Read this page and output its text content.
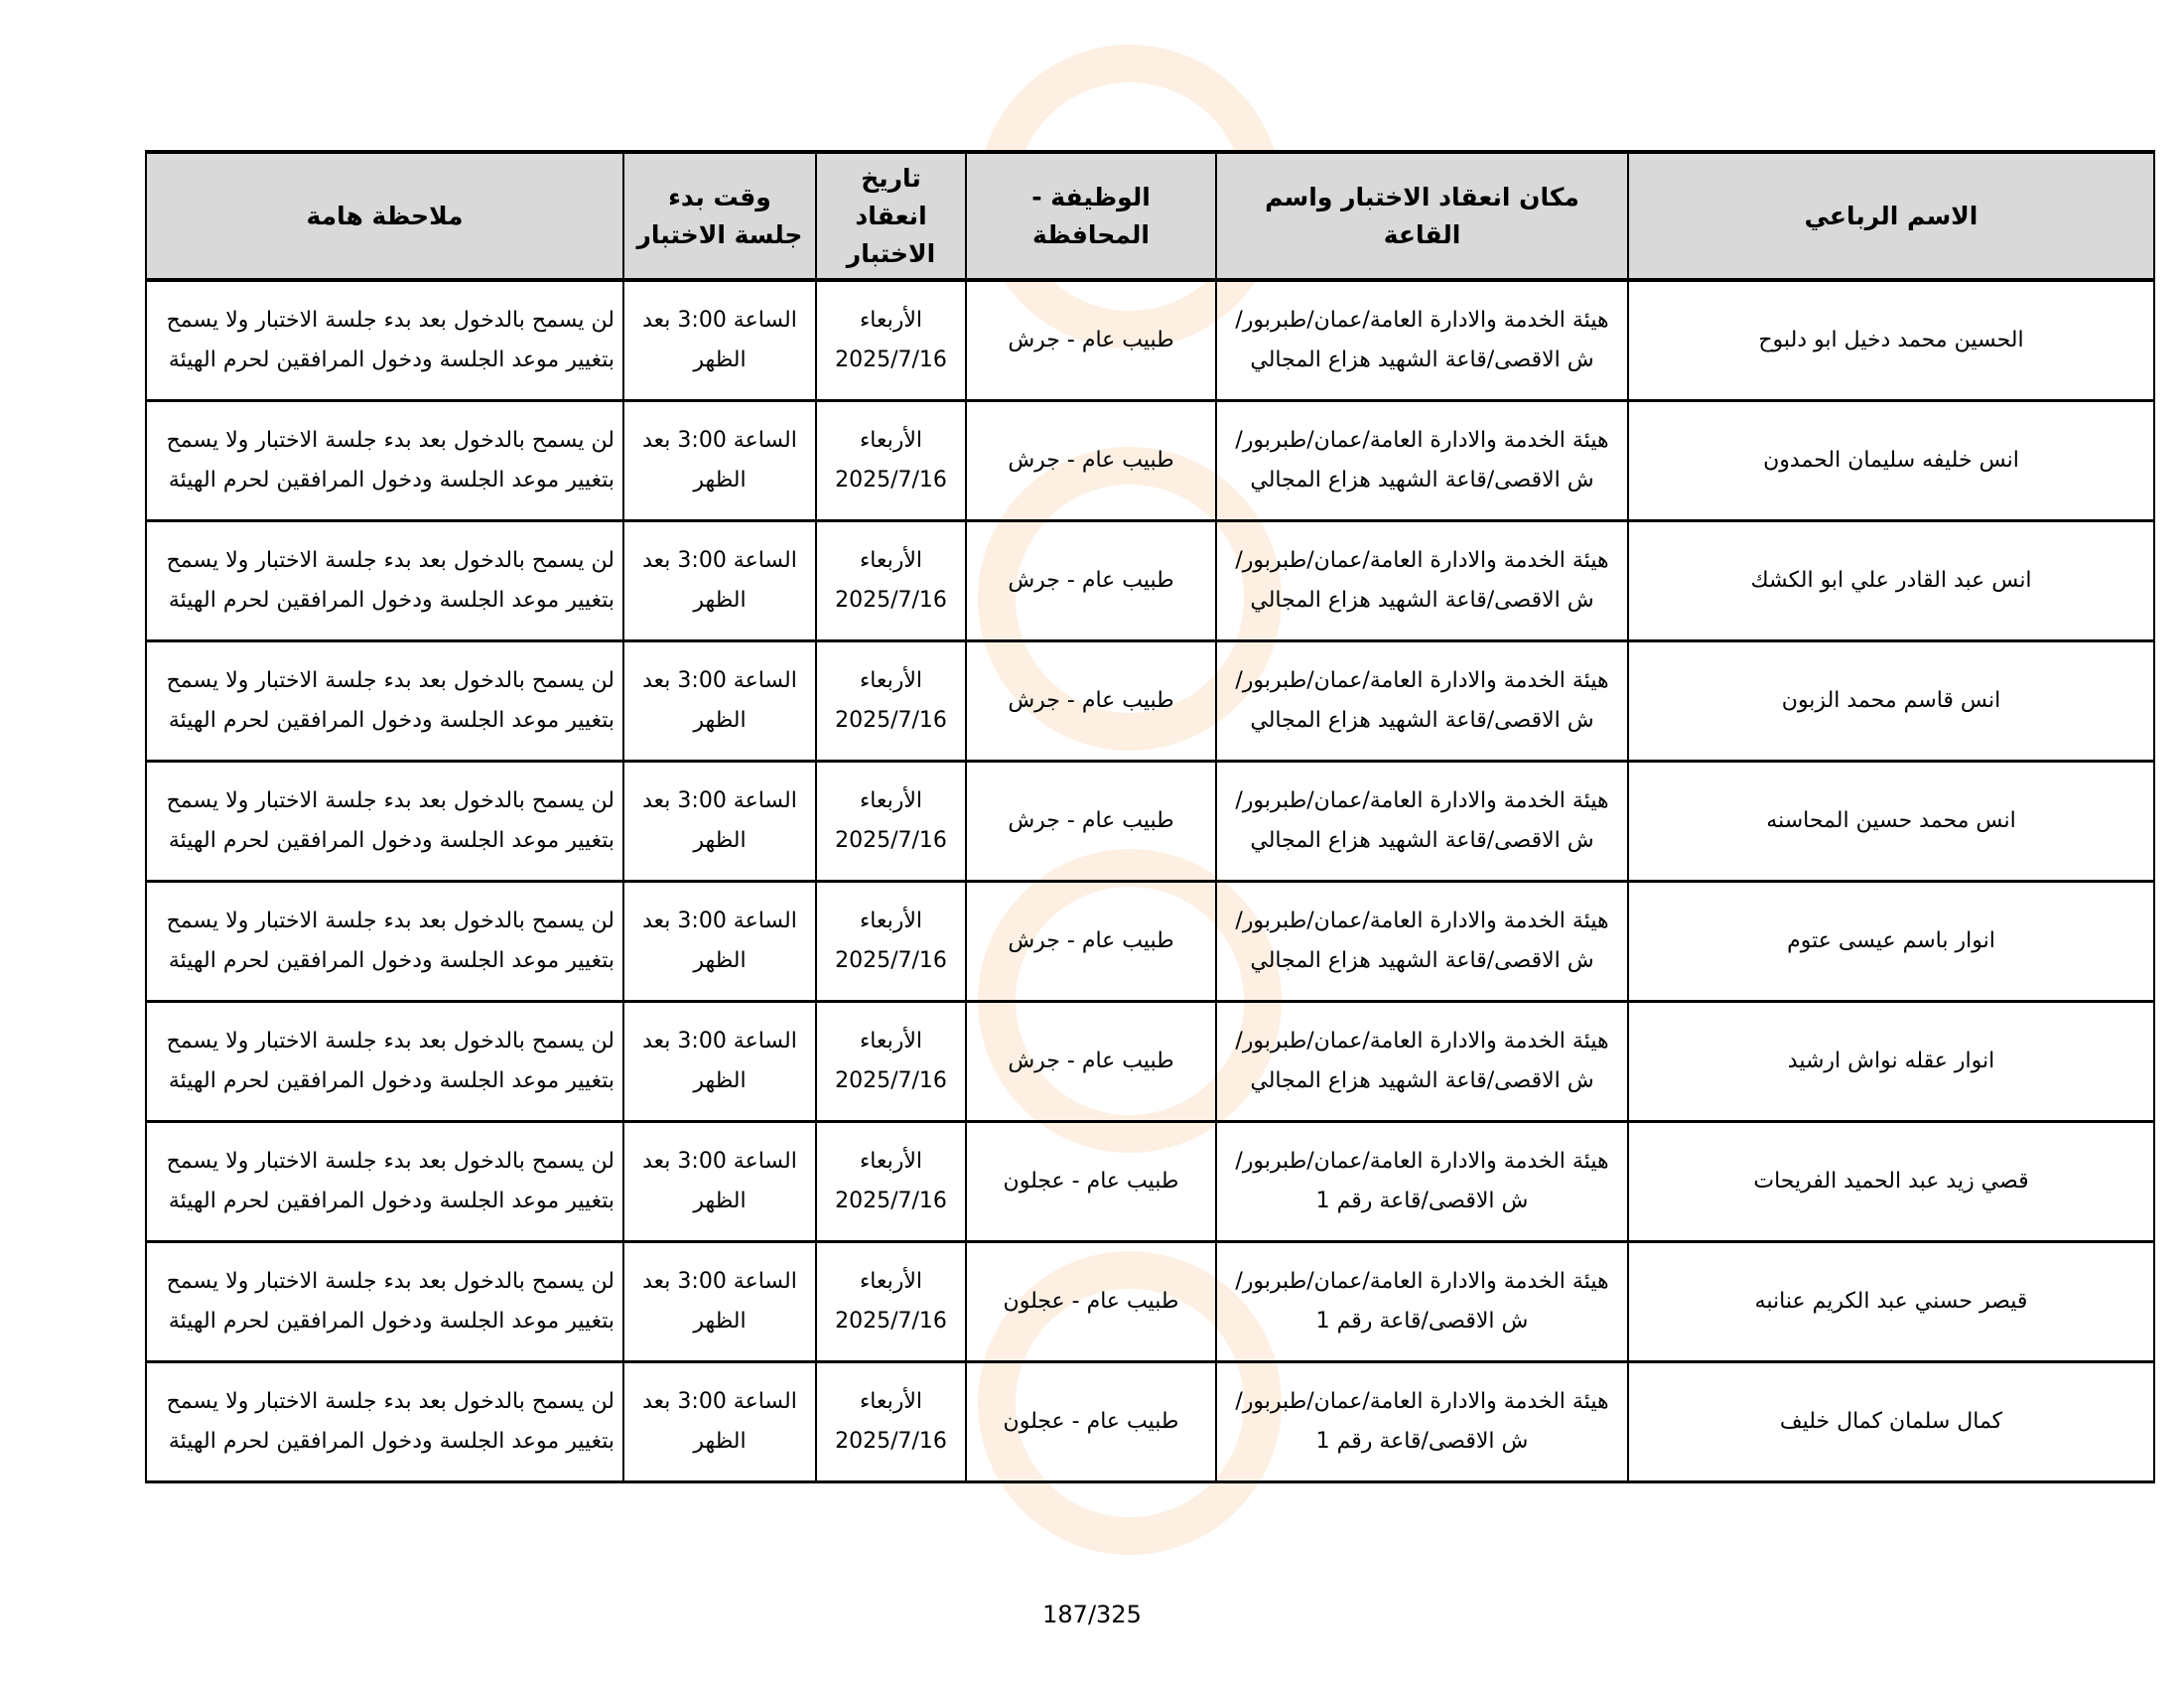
الاسم الرباعي	مكان انعقاد الاختبار واسم القاعة	الوظيفة - المحافظة	تاريخ انعقاد الاختبار	وقت بدء جلسة الاختبار	ملاحظة هامة
الحسين محمد دخيل ابو دلبوح	هيئة الخدمة والادارة العامة/عمان/طبربور/ش الاقصى/قاعة الشهيد هزاع المجالي	طبيب عام - جرش	الأربعاء 2025/7/16	الساعة 3:00 بعد الظهر	لن يسمح بالدخول بعد بدء جلسة الاختبار ولا يسمح بتغيير موعد الجلسة ودخول المرافقين لحرم الهيئة
انس خليفه سليمان الحمدون	هيئة الخدمة والادارة العامة/عمان/طبربور/ش الاقصى/قاعة الشهيد هزاع المجالي	طبيب عام - جرش	الأربعاء 2025/7/16	الساعة 3:00 بعد الظهر	لن يسمح بالدخول بعد بدء جلسة الاختبار ولا يسمح بتغيير موعد الجلسة ودخول المرافقين لحرم الهيئة
انس عبد القادر علي ابو الكشك	هيئة الخدمة والادارة العامة/عمان/طبربور/ش الاقصى/قاعة الشهيد هزاع المجالي	طبيب عام - جرش	الأربعاء 2025/7/16	الساعة 3:00 بعد الظهر	لن يسمح بالدخول بعد بدء جلسة الاختبار ولا يسمح بتغيير موعد الجلسة ودخول المرافقين لحرم الهيئة
انس قاسم محمد الزبون	هيئة الخدمة والادارة العامة/عمان/طبربور/ش الاقصى/قاعة الشهيد هزاع المجالي	طبيب عام - جرش	الأربعاء 2025/7/16	الساعة 3:00 بعد الظهر	لن يسمح بالدخول بعد بدء جلسة الاختبار ولا يسمح بتغيير موعد الجلسة ودخول المرافقين لحرم الهيئة
انس محمد حسين المحاسنه	هيئة الخدمة والادارة العامة/عمان/طبربور/ش الاقصى/قاعة الشهيد هزاع المجالي	طبيب عام - جرش	الأربعاء 2025/7/16	الساعة 3:00 بعد الظهر	لن يسمح بالدخول بعد بدء جلسة الاختبار ولا يسمح بتغيير موعد الجلسة ودخول المرافقين لحرم الهيئة
انوار باسم عيسى عتوم	هيئة الخدمة والادارة العامة/عمان/طبربور/ش الاقصى/قاعة الشهيد هزاع المجالي	طبيب عام - جرش	الأربعاء 2025/7/16	الساعة 3:00 بعد الظهر	لن يسمح بالدخول بعد بدء جلسة الاختبار ولا يسمح بتغيير موعد الجلسة ودخول المرافقين لحرم الهيئة
انوار عقله نواش ارشيد	هيئة الخدمة والادارة العامة/عمان/طبربور/ش الاقصى/قاعة الشهيد هزاع المجالي	طبيب عام - جرش	الأربعاء 2025/7/16	الساعة 3:00 بعد الظهر	لن يسمح بالدخول بعد بدء جلسة الاختبار ولا يسمح بتغيير موعد الجلسة ودخول المرافقين لحرم الهيئة
قصي زيد عبد الحميد الفريحات	هيئة الخدمة والادارة العامة/عمان/طبربور/ش الاقصى/قاعة رقم 1	طبيب عام - عجلون	الأربعاء 2025/7/16	الساعة 3:00 بعد الظهر	لن يسمح بالدخول بعد بدء جلسة الاختبار ولا يسمح بتغيير موعد الجلسة ودخول المرافقين لحرم الهيئة
قيصر حسني عبد الكريم عنانبه	هيئة الخدمة والادارة العامة/عمان/طبربور/ش الاقصى/قاعة رقم 1	طبيب عام - عجلون	الأربعاء 2025/7/16	الساعة 3:00 بعد الظهر	لن يسمح بالدخول بعد بدء جلسة الاختبار ولا يسمح بتغيير موعد الجلسة ودخول المرافقين لحرم الهيئة
كمال سلمان كمال خليف	هيئة الخدمة والادارة العامة/عمان/طبربور/ش الاقصى/قاعة رقم 1	طبيب عام - عجلون	الأربعاء 2025/7/16	الساعة 3:00 بعد الظهر	لن يسمح بالدخول بعد بدء جلسة الاختبار ولا يسمح بتغيير موعد الجلسة ودخول المرافقين لحرم الهيئة
187/325
